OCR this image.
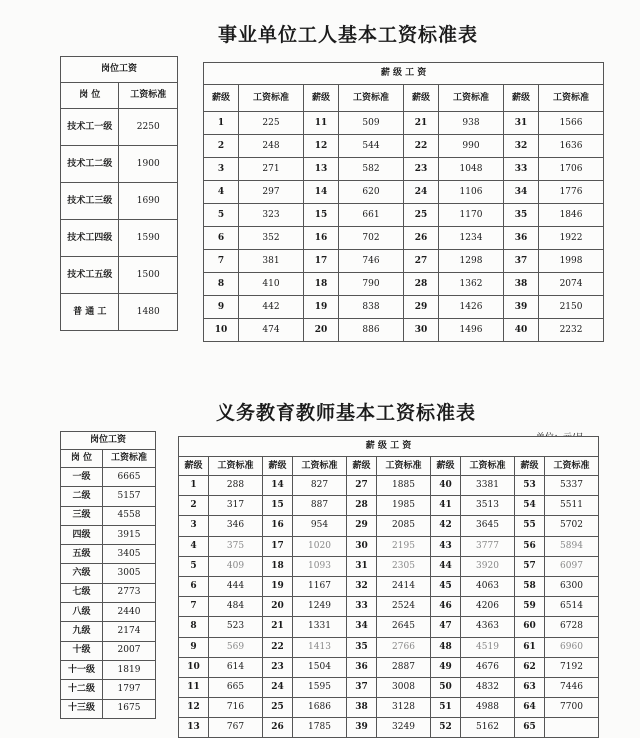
事业单位工人基本工资标准表
岗位工资	
岗 位	工资标准
技术工一级	2250
技术工二级	1900
技术工三级	1690
技术工四级	1590
技术工五级	1500
普 通 工	1480
薪 级 工 资							
薪级	工资标准	薪级	工资标准	薪级	工资标准	薪级	工资标准
1	225	11	509	21	938	31	1566
2	248	12	544	22	990	32	1636
3	271	13	582	23	1048	33	1706
4	297	14	620	24	1106	34	1776
5	323	15	661	25	1170	35	1846
6	352	16	702	26	1234	36	1922
7	381	17	746	27	1298	37	1998
8	410	18	790	28	1362	38	2074
9	442	19	838	29	1426	39	2150
10	474	20	886	30	1496	40	2232
义务教育教师基本工资标准表
岗位工资	
岗 位	工资标准
一级	6665
二级	5157
三级	4558
四级	3915
五级	3405
六级	3005
七级	2773
八级	2440
九级	2174
十级	2007
十一级	1819
十二级	1797
十三级	1675
薪 级 工 资									
薪级	工资标准	薪级	工资标准	薪级	工资标准	薪级	工资标准	薪级	工资标准
1	288	14	827	27	1885	40	3381	53	5337
2	317	15	887	28	1985	41	3513	54	5511
3	346	16	954	29	2085	42	3645	55	5702
4	375	17	1020	30	2195	43	3777	56	5894
5	409	18	1093	31	2305	44	3920	57	6097
6	444	19	1167	32	2414	45	4063	58	6300
7	484	20	1249	33	2524	46	4206	59	6514
8	523	21	1331	34	2645	47	4363	60	6728
9	569	22	1413	35	2766	48	4519	61	6960
10	614	23	1504	36	2887	49	4676	62	7192
11	665	24	1595	37	3008	50	4832	63	7446
12	716	25	1686	38	3128	51	4988	64	7700
13	767	26	1785	39	3249	52	5162	65	
